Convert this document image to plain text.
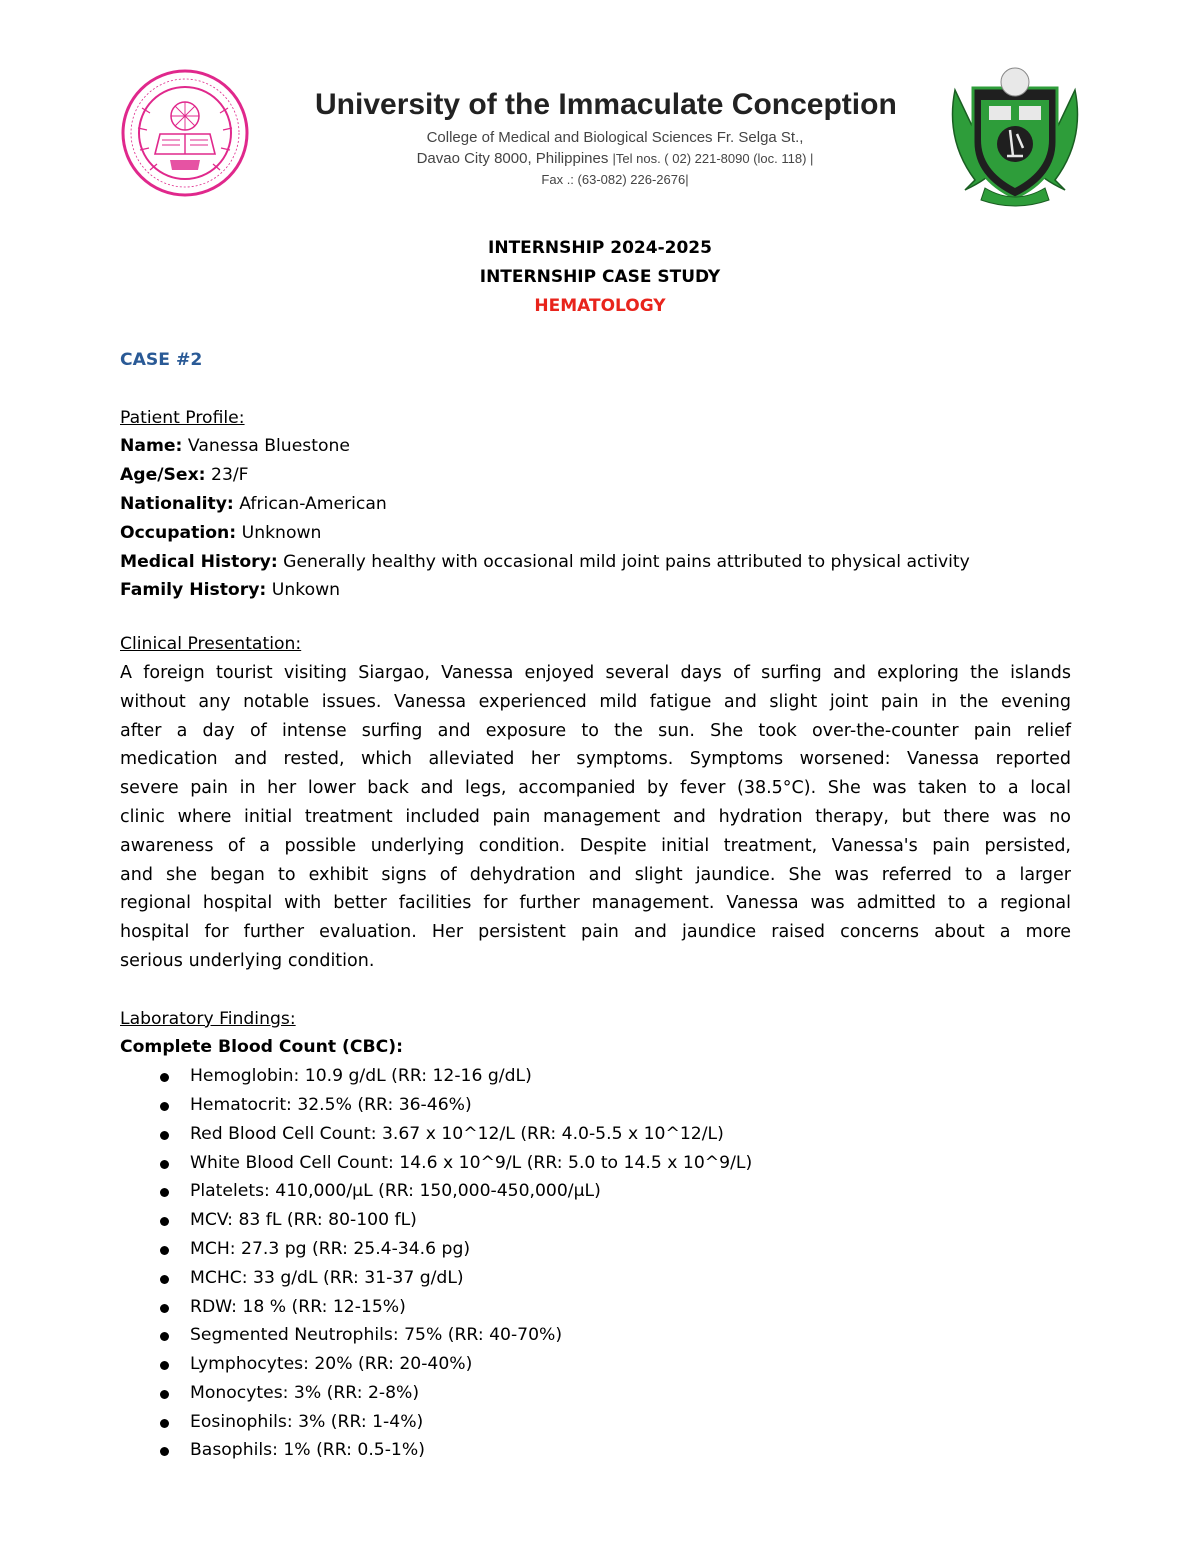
University of the Immaculate Conception
College of Medical and Biological Sciences Fr. Selga St.,
Davao City 8000, Philippines |Tel nos. ( 02) 221-8090 (loc. 118) |
Fax .: (63-082) 226-2676|
INTERNSHIP 2024-2025
INTERNSHIP CASE STUDY
HEMATOLOGY

CASE #2

Patient Profile:

Name: Vanessa Bluestone

Age/Sex: 23/F

Nationality: African-American

Occupation: Unknown

Medical History: Generally healthy with occasional mild joint pains attributed to physical activity

Family History: Unkown

Clinical Presentation:

A foreign tourist visiting Siargao, Vanessa enjoyed several days of surfing and exploring the islands
without any notable issues. Vanessa experienced mild fatigue and slight joint pain in the evening
after a day of intense surfing and exposure to the sun. She took over-the-counter pain relief
medication and rested, which alleviated her symptoms. Symptoms worsened: Vanessa reported
severe pain in her lower back and legs, accompanied by fever (38.5°C). She was taken to a local
clinic where initial treatment included pain management and hydration therapy, but there was no
awareness of a possible underlying condition. Despite initial treatment, Vanessa's pain persisted,
and she began to exhibit signs of dehydration and slight jaundice. She was referred to a larger
regional hospital with better facilities for further management. Vanessa was admitted to a regional
hospital for further evaluation. Her persistent pain and jaundice raised concerns about a more
serious underlying condition.

Laboratory Findings:

Complete Blood Count (CBC):

Hemoglobin: 10.9 g/dL (RR: 12-16 g/dL)
Hematocrit: 32.5% (RR: 36-46%)
Red Blood Cell Count: 3.67 x 10^12/L (RR: 4.0-5.5 x 10^12/L)
White Blood Cell Count: 14.6 x 10^9/L (RR: 5.0 to 14.5 x 10^9/L)
Platelets: 410,000/µL (RR: 150,000-450,000/µL)
MCV: 83 fL (RR: 80-100 fL)
MCH: 27.3 pg (RR: 25.4-34.6 pg)
MCHC: 33 g/dL (RR: 31-37 g/dL)
RDW: 18 % (RR: 12-15%)
Segmented Neutrophils: 75% (RR: 40-70%)
Lymphocytes: 20% (RR: 20-40%)
Monocytes: 3% (RR: 2-8%)
Eosinophils: 3% (RR: 1-4%)
Basophils: 1% (RR: 0.5-1%)
